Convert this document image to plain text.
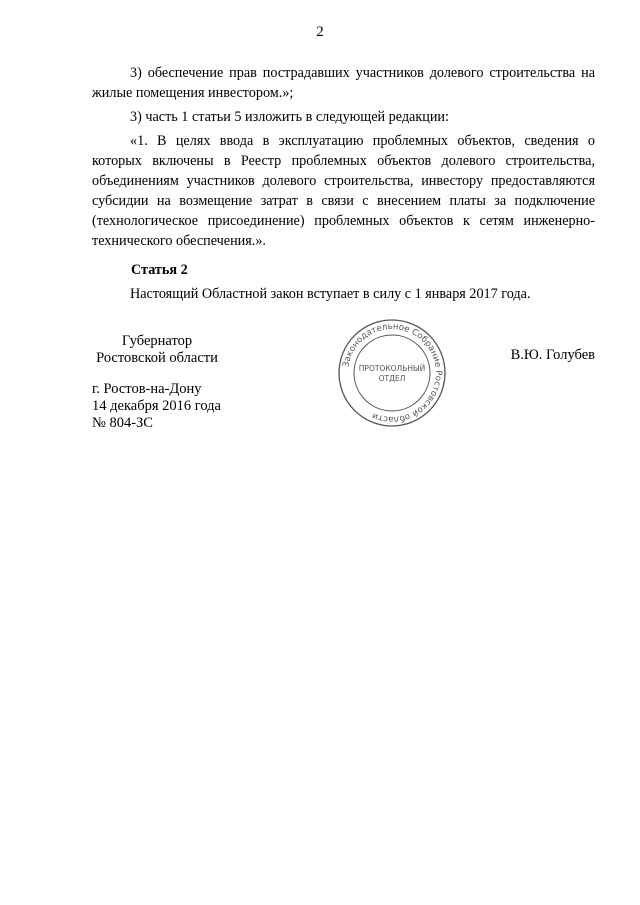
2
3) обеспечение прав пострадавших участников долевого строительства на жилые помещения инвестором.»;
3) часть 1 статьи 5 изложить в следующей редакции:
«1. В целях ввода в эксплуатацию проблемных объектов, сведения о которых включены в Реестр проблемных объектов долевого строительства, объединениям участников долевого строительства, инвестору предоставляются субсидии на возмещение затрат в связи с внесением платы за подключение (технологическое присоединение) проблемных объектов к сетям инженерно-технического обеспечения.».
Статья 2
Настоящий Областной закон вступает в силу с 1 января 2017 года.
Губернатор
Ростовской области	Законодательное Собрание Ростовской области
ПРОТОКОЛЬНЫЙ
ОТДЕЛ
В.Ю. Голубев
г. Ростов-на-Дону
14 декабря 2016 года
№ 804-ЗС
